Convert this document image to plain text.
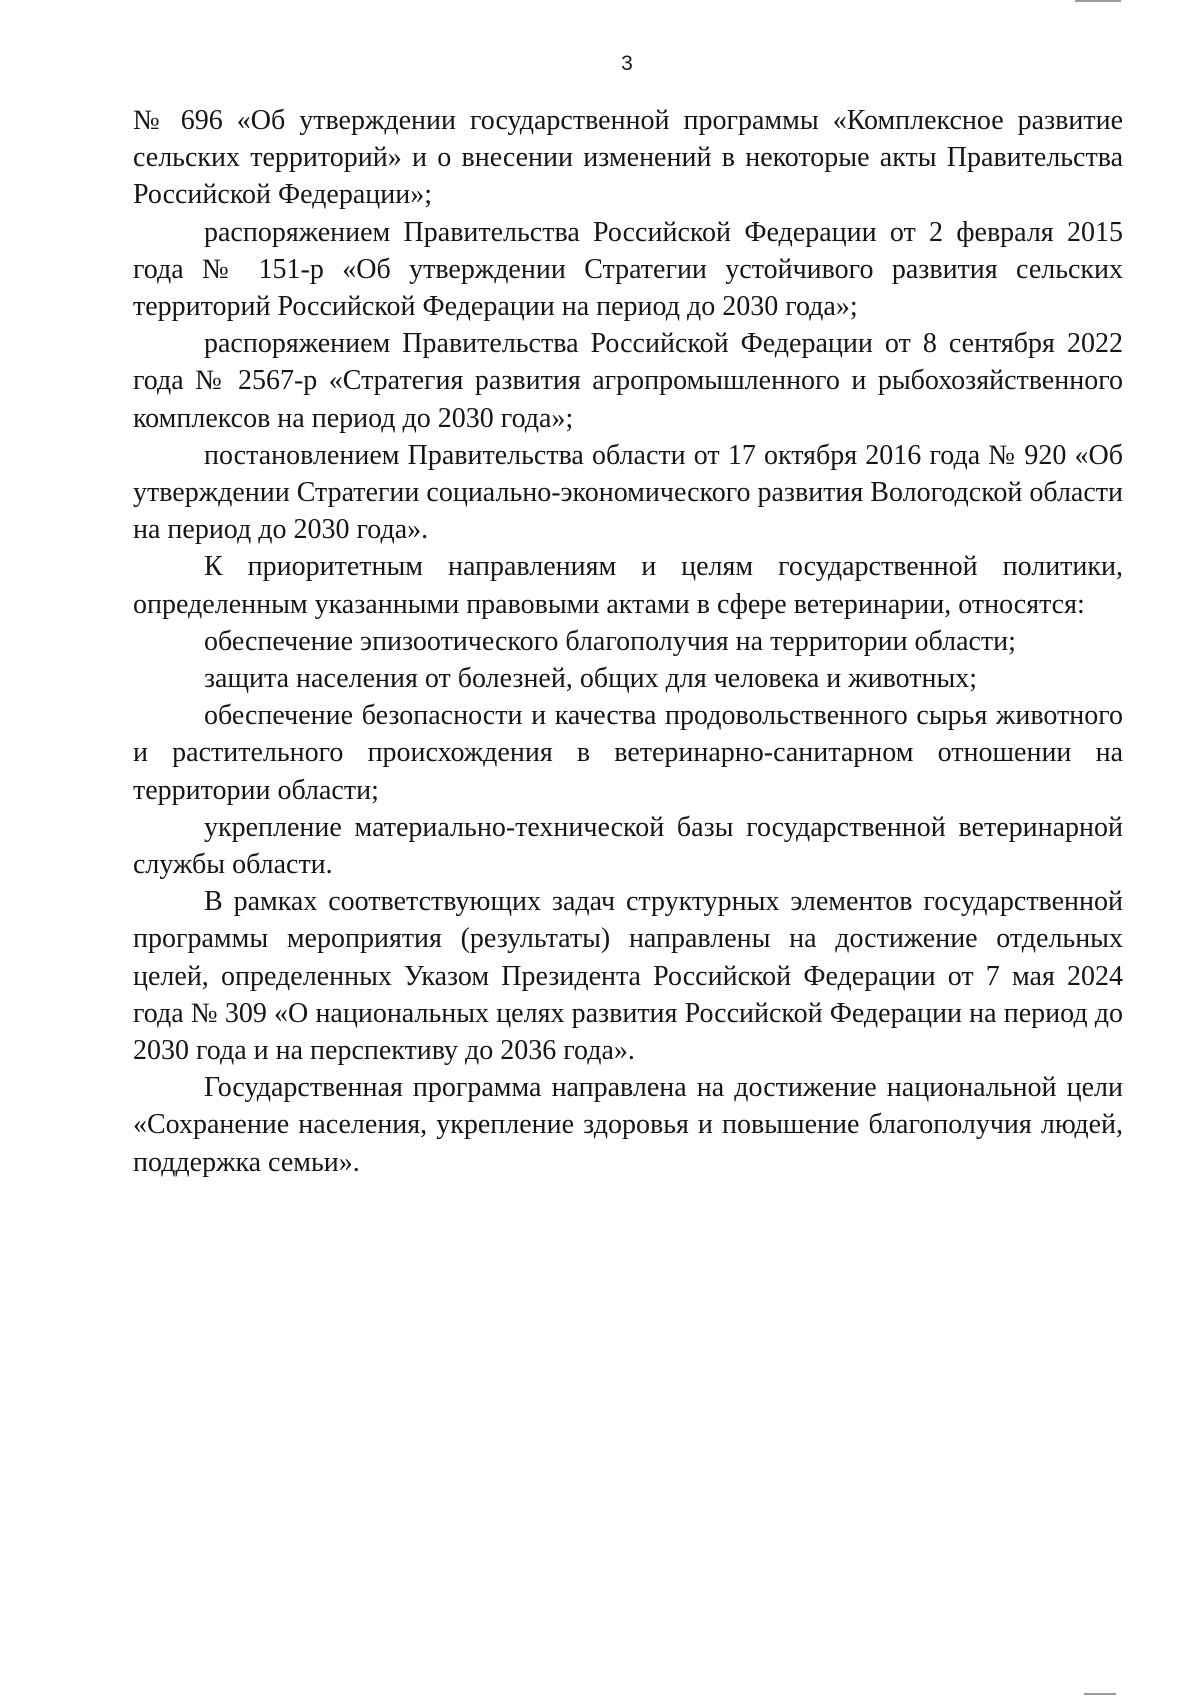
3

№ 696 «Об утверждении государственной программы «Комплексное развитие сельских территорий» и о внесении изменений в некоторые акты Правительства Российской Федерации»;

распоряжением Правительства Российской Федерации от 2 февраля 2015 года № 151-р «Об утверждении Стратегии устойчивого развития сельских территорий Российской Федерации на период до 2030 года»;

распоряжением Правительства Российской Федерации от 8 сентября 2022 года № 2567-р «Стратегия развития агропромышленного и рыбохозяйственного комплексов на период до 2030 года»;

постановлением Правительства области от 17 октября 2016 года № 920 «Об утверждении Стратегии социально-экономического развития Вологодской области на период до 2030 года».

К приоритетным направлениям и целям государственной политики, определенным указанными правовыми актами в сфере ветеринарии, относятся:

обеспечение эпизоотического благополучия на территории области;

защита населения от болезней, общих для человека и животных;

обеспечение безопасности и качества продовольственного сырья животного и растительного происхождения в ветеринарно-санитарном отношении на территории области;

укрепление материально-технической базы государственной ветеринарной службы области.

В рамках соответствующих задач структурных элементов государственной программы мероприятия (результаты) направлены на достижение отдельных целей, определенных Указом Президента Российской Федерации от 7 мая 2024 года № 309 «О национальных целях развития Российской Федерации на период до 2030 года и на перспективу до 2036 года».

Государственная программа направлена на достижение национальной цели «Сохранение населения, укрепление здоровья и повышение благополучия людей, поддержка семьи».
